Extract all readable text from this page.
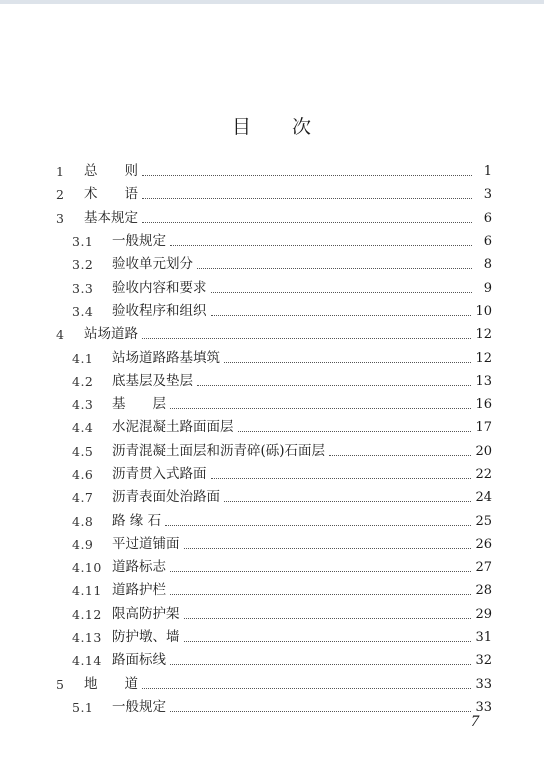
目 次
1	总　　则	1
2	术　　语	3
3	基本规定	6
3.1	一般规定	6
3.2	验收单元划分	8
3.3	验收内容和要求	9
3.4	验收程序和组织	10
4	站场道路	12
4.1	站场道路路基填筑	12
4.2	底基层及垫层	13
4.3	基　　层	16
4.4	水泥混凝土路面面层	17
4.5	沥青混凝土面层和沥青碎(砾)石面层	20
4.6	沥青贯入式路面	22
4.7	沥青表面处治路面	24
4.8	路 缘 石	25
4.9	平过道铺面	26
4.10 道路标志	27
4.11 道路护栏	28
4.12 限高防护架	29
4.13 防护墩、墙	31
4.14 路面标线	32
5	地　　道	33
5.1	一般规定	33
7
